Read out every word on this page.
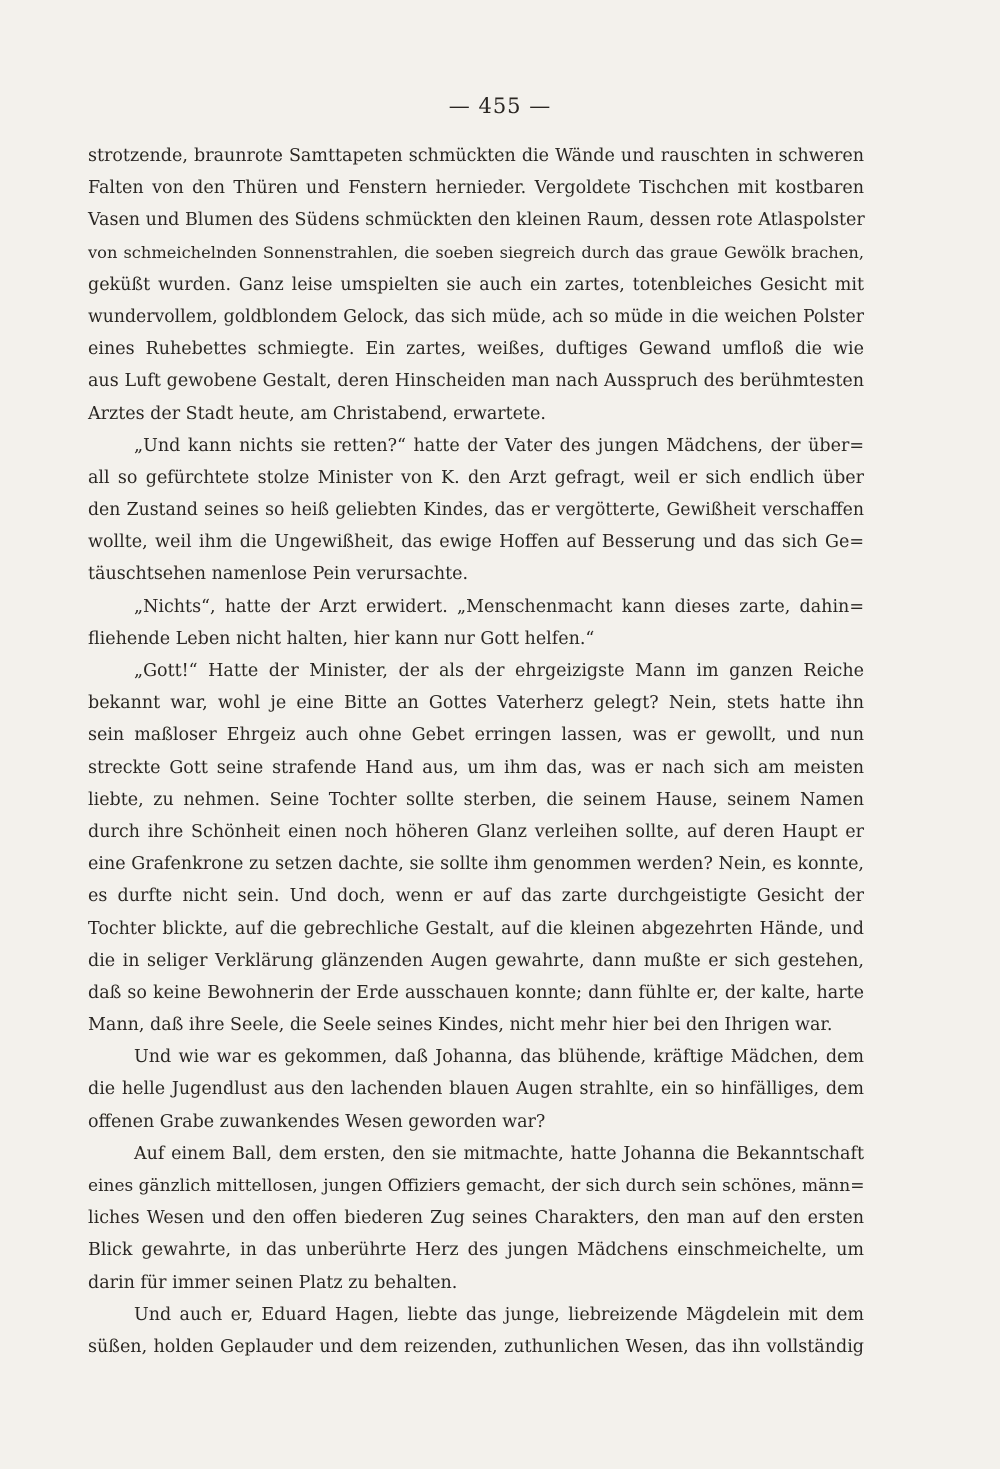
— 455 —
strotzende, braunrote Samttapeten schmückten die Wände und rauschten in schweren
Falten von den Thüren und Fenstern hernieder. Vergoldete Tischchen mit kostbaren
Vasen und Blumen des Südens schmückten den kleinen Raum, dessen rote Atlaspolster
von schmeichelnden Sonnenstrahlen, die soeben siegreich durch das graue Gewölk brachen,
geküßt wurden. Ganz leise umspielten sie auch ein zartes, totenbleiches Gesicht mit
wundervollem, goldblondem Gelock, das sich müde, ach so müde in die weichen Polster
eines Ruhebettes schmiegte. Ein zartes, weißes, duftiges Gewand umfloß die wie
aus Luft gewobene Gestalt, deren Hinscheiden man nach Ausspruch des berühmtesten
Arztes der Stadt heute, am Christabend, erwartete.
„Und kann nichts sie retten?“ hatte der Vater des jungen Mädchens, der über=
all so gefürchtete stolze Minister von K. den Arzt gefragt, weil er sich endlich über
den Zustand seines so heiß geliebten Kindes, das er vergötterte, Gewißheit verschaffen
wollte, weil ihm die Ungewißheit, das ewige Hoffen auf Besserung und das sich Ge=
täuschtsehen namenlose Pein verursachte.
„Nichts“, hatte der Arzt erwidert. „Menschenmacht kann dieses zarte, dahin=
fliehende Leben nicht halten, hier kann nur Gott helfen.“
„Gott!“ Hatte der Minister, der als der ehrgeizigste Mann im ganzen Reiche
bekannt war, wohl je eine Bitte an Gottes Vaterherz gelegt? Nein, stets hatte ihn
sein maßloser Ehrgeiz auch ohne Gebet erringen lassen, was er gewollt, und nun
streckte Gott seine strafende Hand aus, um ihm das, was er nach sich am meisten
liebte, zu nehmen. Seine Tochter sollte sterben, die seinem Hause, seinem Namen
durch ihre Schönheit einen noch höheren Glanz verleihen sollte, auf deren Haupt er
eine Grafenkrone zu setzen dachte, sie sollte ihm genommen werden? Nein, es konnte,
es durfte nicht sein. Und doch, wenn er auf das zarte durchgeistigte Gesicht der
Tochter blickte, auf die gebrechliche Gestalt, auf die kleinen abgezehrten Hände, und
die in seliger Verklärung glänzenden Augen gewahrte, dann mußte er sich gestehen,
daß so keine Bewohnerin der Erde ausschauen konnte; dann fühlte er, der kalte, harte
Mann, daß ihre Seele, die Seele seines Kindes, nicht mehr hier bei den Ihrigen war.
Und wie war es gekommen, daß Johanna, das blühende, kräftige Mädchen, dem
die helle Jugendlust aus den lachenden blauen Augen strahlte, ein so hinfälliges, dem
offenen Grabe zuwankendes Wesen geworden war?
Auf einem Ball, dem ersten, den sie mitmachte, hatte Johanna die Bekanntschaft
eines gänzlich mittellosen, jungen Offiziers gemacht, der sich durch sein schönes, männ=
liches Wesen und den offen biederen Zug seines Charakters, den man auf den ersten
Blick gewahrte, in das unberührte Herz des jungen Mädchens einschmeichelte, um
darin für immer seinen Platz zu behalten.
Und auch er, Eduard Hagen, liebte das junge, liebreizende Mägdelein mit dem
süßen, holden Geplauder und dem reizenden, zuthunlichen Wesen, das ihn vollständig
